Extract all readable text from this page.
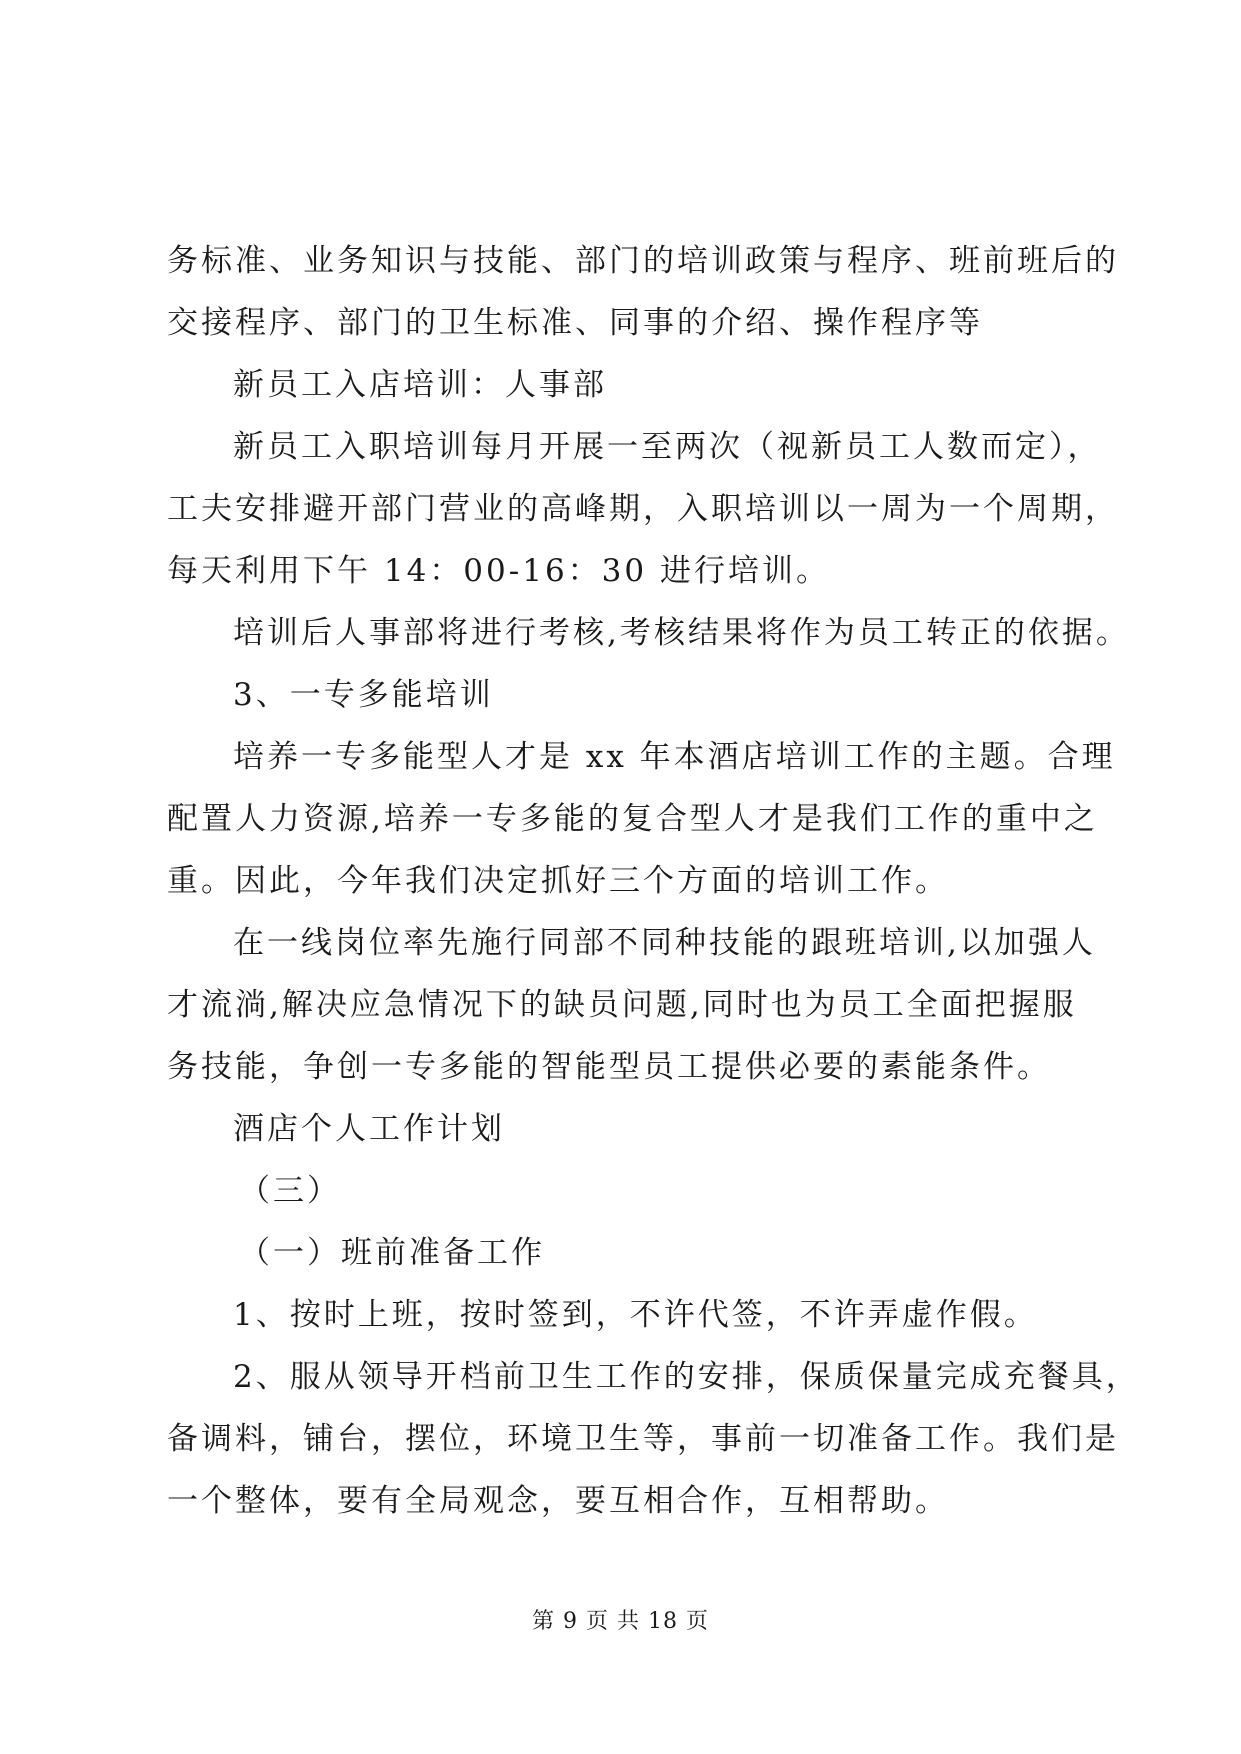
务标准、业务知识与技能、部门的培训政策与程序、班前班后的
交接程序、部门的卫生标准、同事的介绍、操作程序等

新员工入店培训：人事部

新员工入职培训每月开展一至两次（视新员工人数而定），
工夫安排避开部门营业的高峰期，入职培训以一周为一个周期，
每天利用下午 14：00-16：30 进行培训。

培训后人事部将进行考核,考核结果将作为员工转正的依据。

3、一专多能培训

培养一专多能型人才是 xx 年本酒店培训工作的主题。合理
配置人力资源,培养一专多能的复合型人才是我们工作的重中之
重。因此，今年我们决定抓好三个方面的培训工作。

在一线岗位率先施行同部不同种技能的跟班培训,以加强人
才流淌,解决应急情况下的缺员问题,同时也为员工全面把握服
务技能，争创一专多能的智能型员工提供必要的素能条件。

酒店个人工作计划

（三）

（一）班前准备工作

1、按时上班，按时签到，不许代签，不许弄虚作假。

2、服从领导开档前卫生工作的安排，保质保量完成充餐具，
备调料，铺台，摆位，环境卫生等，事前一切准备工作。我们是
一个整体，要有全局观念，要互相合作，互相帮助。

第 9 页 共 18 页
